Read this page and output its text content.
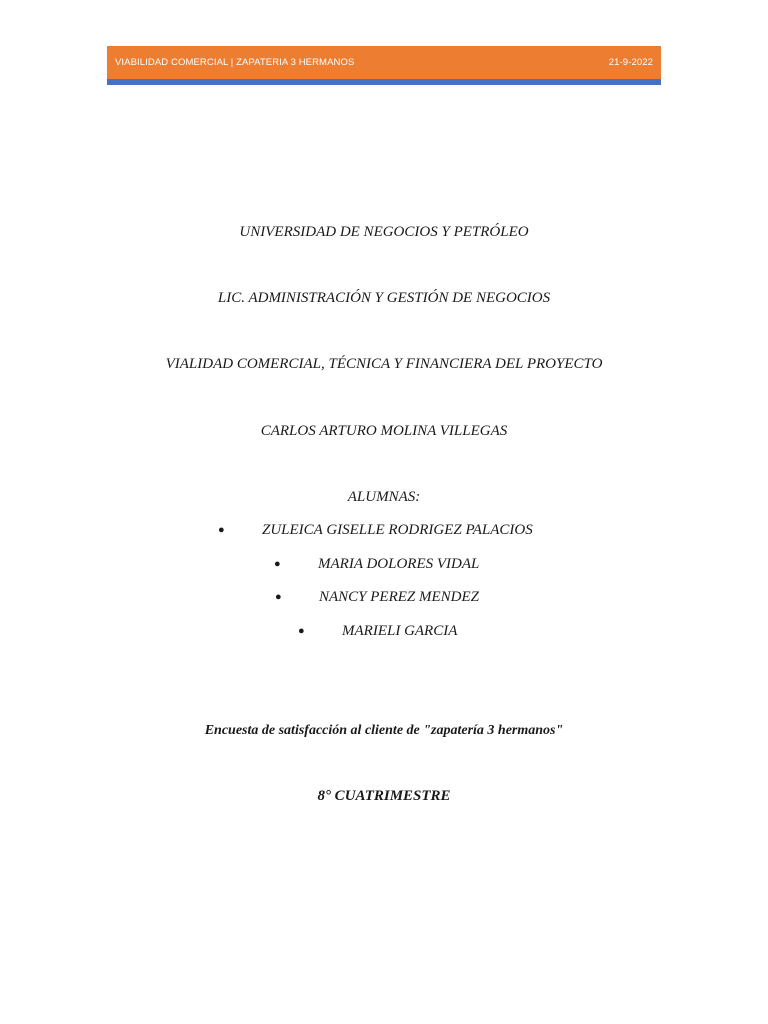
VIABILIDAD COMERCIAL | ZAPATERIA 3 HERMANOS	21-9-2022
UNIVERSIDAD DE NEGOCIOS Y PETRÓLEO
LIC. ADMINISTRACIÓN Y GESTIÓN DE NEGOCIOS
VIALIDAD COMERCIAL, TÉCNICA Y FINANCIERA DEL PROYECTO
CARLOS ARTURO MOLINA VILLEGAS
ALUMNAS:
● ZULEICA GISELLE RODRIGEZ PALACIOS
● MARIA DOLORES VIDAL
● NANCY PEREZ MENDEZ
● MARIELI GARCIA
Encuesta de satisfacción al cliente de "zapatería 3 hermanos"
8° CUATRIMESTRE
